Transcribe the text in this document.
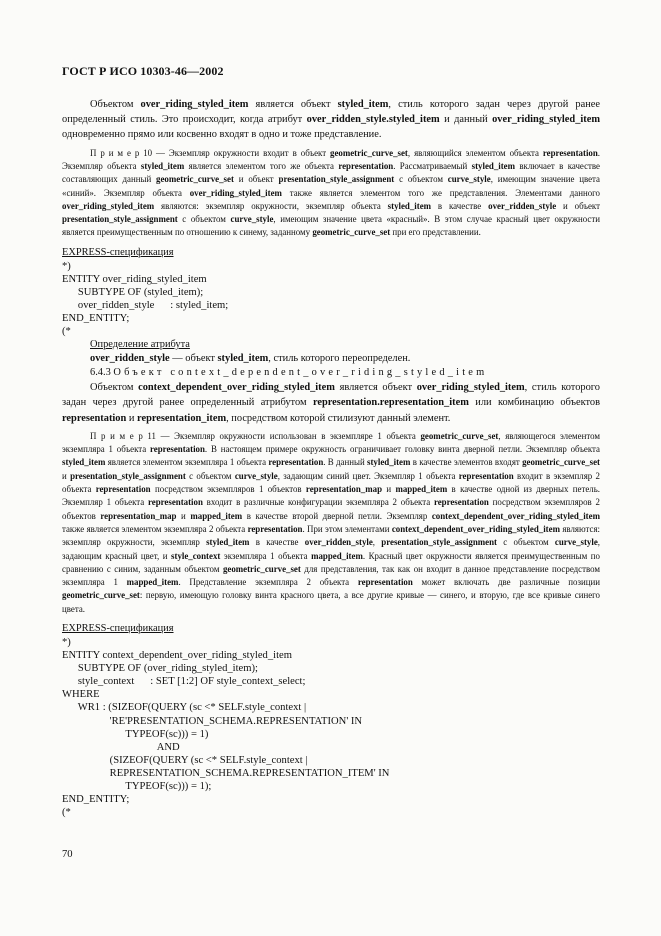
ГОСТ Р ИСО 10303-46—2002

Объектом over_riding_styled_item является объект styled_item, стиль которого задан через другой ранее определенный стиль. Это происходит, когда атрибут over_ridden_style.styled_item и данный over_riding_styled_item одновременно прямо или косвенно входят в одно и тоже представление.

П р и м е р 10 — Экземпляр окружности входит в объект geometric_curve_set, являющийся элементом объекта representation. Экземпляр объекта styled_item является элементом того же объекта representation. Рассматриваемый styled_item включает в качестве составляющих данный geometric_curve_set и объект presentation_style_assignment с объектом curve_style, имеющим значение цвета «синий». Экземпляр объекта over_riding_styled_item также является элементом того же представления. Элементами данного over_riding_styled_item являются: экземпляр окружности, экземпляр объекта styled_item в качестве over_ridden_style и объект presentation_style_assignment с объектом curve_style, имеющим значение цвета «красный». В этом случае красный цвет окружности является преимущественным по отношению к синему, заданному geometric_curve_set при его представлении.

EXPRESS-спецификация

*)

ENTITY over_riding_styled_item

SUBTYPE OF (styled_item);

over_ridden_style      : styled_item;

END_ENTITY;

(*

Определение атрибута
over_ridden_style — объект styled_item, стиль которого переопределен.
6.4.3 Объект context_dependent_over_riding_styled_item

Объектом context_dependent_over_riding_styled_item является объект over_riding_styled_item, стиль которого задан через другой ранее определенный атрибутом representation.representation_item или комбинацию объектов representation и representation_item, посредством которой стилизуют данный элемент.

П р и м е р 11 — Экземпляр окружности использован в экземпляре 1 объекта geometric_curve_set, являющегося элементом экземпляра 1 объекта representation. В настоящем примере окружность ограничивает головку винта дверной петли. Экземпляр объекта styled_item является элементом экземпляра 1 объекта representation. В данный styled_item в качестве элементов входят geometric_curve_set и presentation_style_assignment с объектом curve_style, задающим синий цвет. Экземпляр 1 объекта representation входит в экземпляр 2 объекта representation посредством экземпляров 1 объектов representation_map и mapped_item в качестве одной из дверных петель. Экземпляр 1 объекта representation входит в различные конфигурации экземпляра 2 объекта representation посредством экземпляров 2 объектов representation_map и mapped_item в качестве второй дверной петли. Экземпляр context_dependent_over_riding_styled_item также является элементом экземпляра 2 объекта representation. При этом элементами context_dependent_over_riding_styled_item являются: экземпляр окружности, экземпляр styled_item в качестве over_ridden_style, presentation_style_assignment с объектом curve_style, задающим красный цвет, и style_context экземпляра 1 объекта mapped_item. Красный цвет окружности является преимущественным по сравнению с синим, заданным объектом geometric_curve_set для представления, так как он входит в данное представление посредством экземпляра 1 mapped_item. Представление экземпляра 2 объекта representation может включать две различные позиции geometric_curve_set: первую, имеющую головку винта красного цвета, а все другие кривые — синего, и вторую, где все кривые синего цвета.

EXPRESS-спецификация

*)

ENTITY context_dependent_over_riding_styled_item

SUBTYPE OF (over_riding_styled_item);

style_context      : SET [1:2] OF style_context_select;

WHERE

WR1 : (SIZEOF(QUERY (sc <* SELF.style_context |

'RE'PRESENTATION_SCHEMA.REPRESENTATION' IN

TYPEOF(sc))) = 1)

AND

(SIZEOF(QUERY (sc <* SELF.style_context |

REPRESENTATION_SCHEMA.REPRESENTATION_ITEM' IN

TYPEOF(sc))) = 1);

END_ENTITY;

(*

70
